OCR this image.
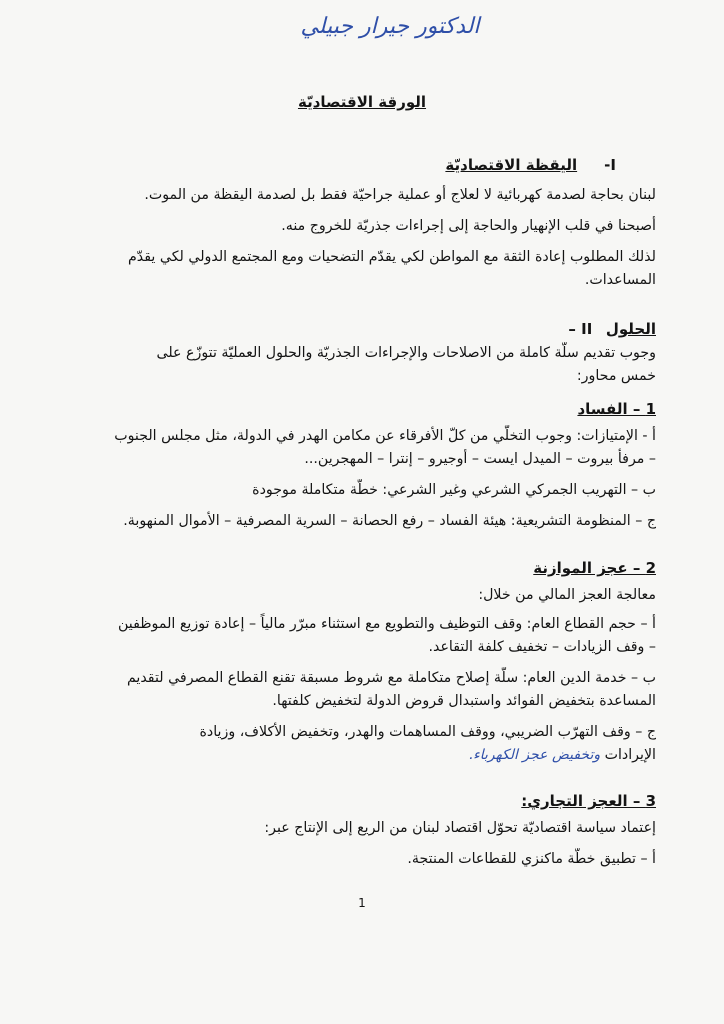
الدكتور جيرار جبيلي
الورقة الاقتصاديّة
I-      اليقظة الاقتصاديّة
لبنان بحاجة لصدمة كهربائية لا لعلاج أو عملية جراحيّة فقط بل لصدمة اليقظة من الموت.
أصبحنا في قلب الإنهيار والحاجة إلى إجراءات جذريّة للخروج منه.
لذلك المطلوب إعادة الثقة مع المواطن لكي يقدّم التضحيات ومع المجتمع الدولي لكي يقدّم
المساعدات.
الحلول   II –
وجوب تقديم سلّة كاملة من الاصلاحات والإجراءات الجذريّة والحلول العمليّة تتوزّع على
خمس محاور:
1 – الفساد
أ - الإمتيازات: وجوب التخلّي من كلّ الأفرقاء عن مكامن الهدر في الدولة، مثل مجلس الجنوب
– مرفأ بيروت – الميدل ايست – أوجيرو – إنترا – المهجرين...
ب – التهريب الجمركي الشرعي وغير الشرعي: خطّة متكاملة موجودة
ج – المنظومة التشريعية: هيئة الفساد – رفع الحصانة – السرية المصرفية – الأموال المنهوبة.
2 – عجز الموازنة
معالجة العجز المالي من خلال:
أ – حجم القطاع العام: وقف التوظيف والتطويع مع استثناء مبرّر مالياً – إعادة توزيع الموظفين
– وقف الزيادات – تخفيف كلفة التقاعد.
ب – خدمة الدين العام: سلّة إصلاح متكاملة مع شروط مسبقة تقنع القطاع المصرفي لتقديم
المساعدة بتخفيض الفوائد واستبدال قروض الدولة لتخفيض كلفتها.
ج – وقف التهرّب الضريبي، ووقف المساهمات والهدر، وتخفيض الأكلاف، وزيادة
الإيرادات وتخفيض عجز الكهرباء.
3 – العجز التجاري:
إعتماد سياسة اقتصاديّة تحوّل اقتصاد لبنان من الريع إلى الإنتاج عبر:
أ – تطبيق خطّة ماكنزي للقطاعات المنتجة.
1
